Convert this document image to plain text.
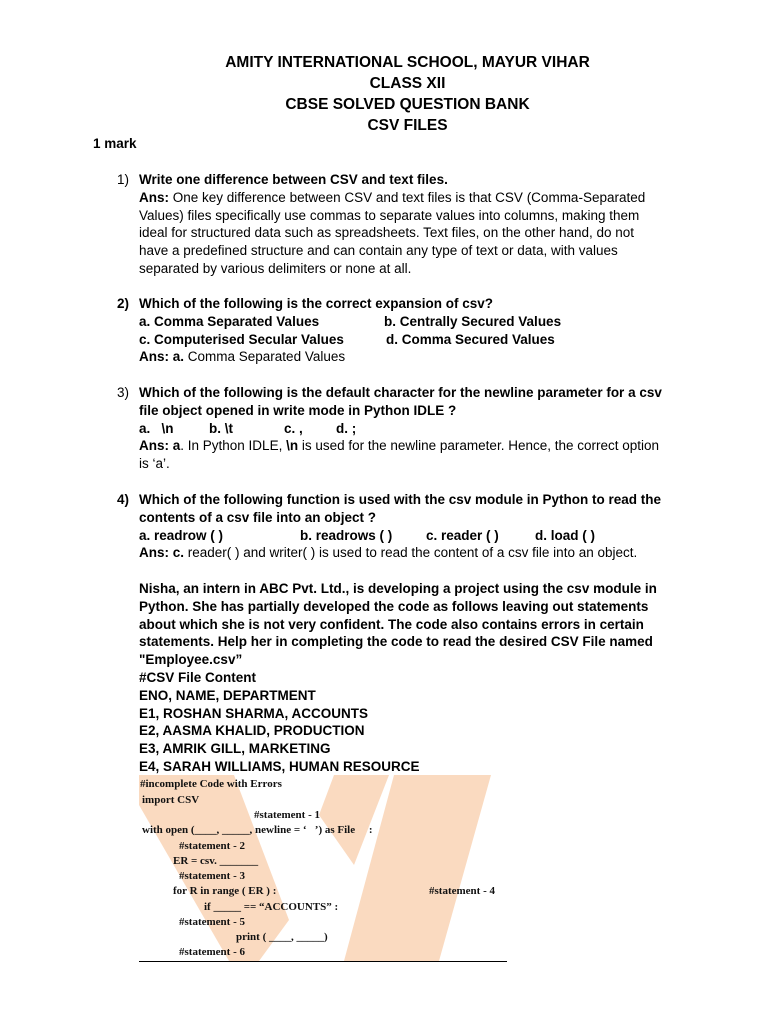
AMITY INTERNATIONAL SCHOOL, MAYUR VIHAR
CLASS XII
CBSE SOLVED QUESTION BANK
CSV FILES
1 mark
1) Write one difference between CSV and text files.
Ans: One key difference between CSV and text files is that CSV (Comma-Separated
Values) files specifically use commas to separate values into columns, making them
ideal for structured data such as spreadsheets. Text files, on the other hand, do not
have a predefined structure and can contain any type of text or data, with values
separated by various delimiters or none at all.
2) Which of the following is the correct expansion of csv?
a. Comma Separated Values	b. Centrally Secured Values
c. Computerised Secular Values	d. Comma Secured Values
Ans: a. Comma Separated Values
3) Which of the following is the default character for the newline parameter for a csv
file object opened in write mode in Python IDLE ?
a.   \n	b. \t	c. ,	d. ;
Ans: a. In Python IDLE, \n is used for the newline parameter. Hence, the correct option
is ‘a’.
4) Which of the following function is used with the csv module in Python to read the
contents of a csv file into an object ?
a. readrow ( )	b. readrows ( )	c. reader ( )	d. load ( )
Ans: c. reader( ) and writer( ) is used to read the content of a csv file into an object.
Nisha, an intern in ABC Pvt. Ltd., is developing a project using the csv module in
Python. She has partially developed the code as follows leaving out statements
about which she is not very confident. The code also contains errors in certain
statements. Help her in completing the code to read the desired CSV File named
"Employee.csv”
#CSV File Content
ENO, NAME, DEPARTMENT
E1, ROSHAN SHARMA, ACCOUNTS
E2, AASMA KHALID, PRODUCTION
E3, AMRIK GILL, MARKETING
E4, SARAH WILLIAMS, HUMAN RESOURCE
#incomplete Code with Errors
import CSV
#statement - 1
with open (____, _____, newline = ‘   ’) as File     :
#statement - 2
ER = csv. _______
#statement - 3
for R in range ( ER ) :	#statement - 4
if _____ == “ACCOUNTS” :
#statement - 5
print ( ____, _____)
#statement - 6
